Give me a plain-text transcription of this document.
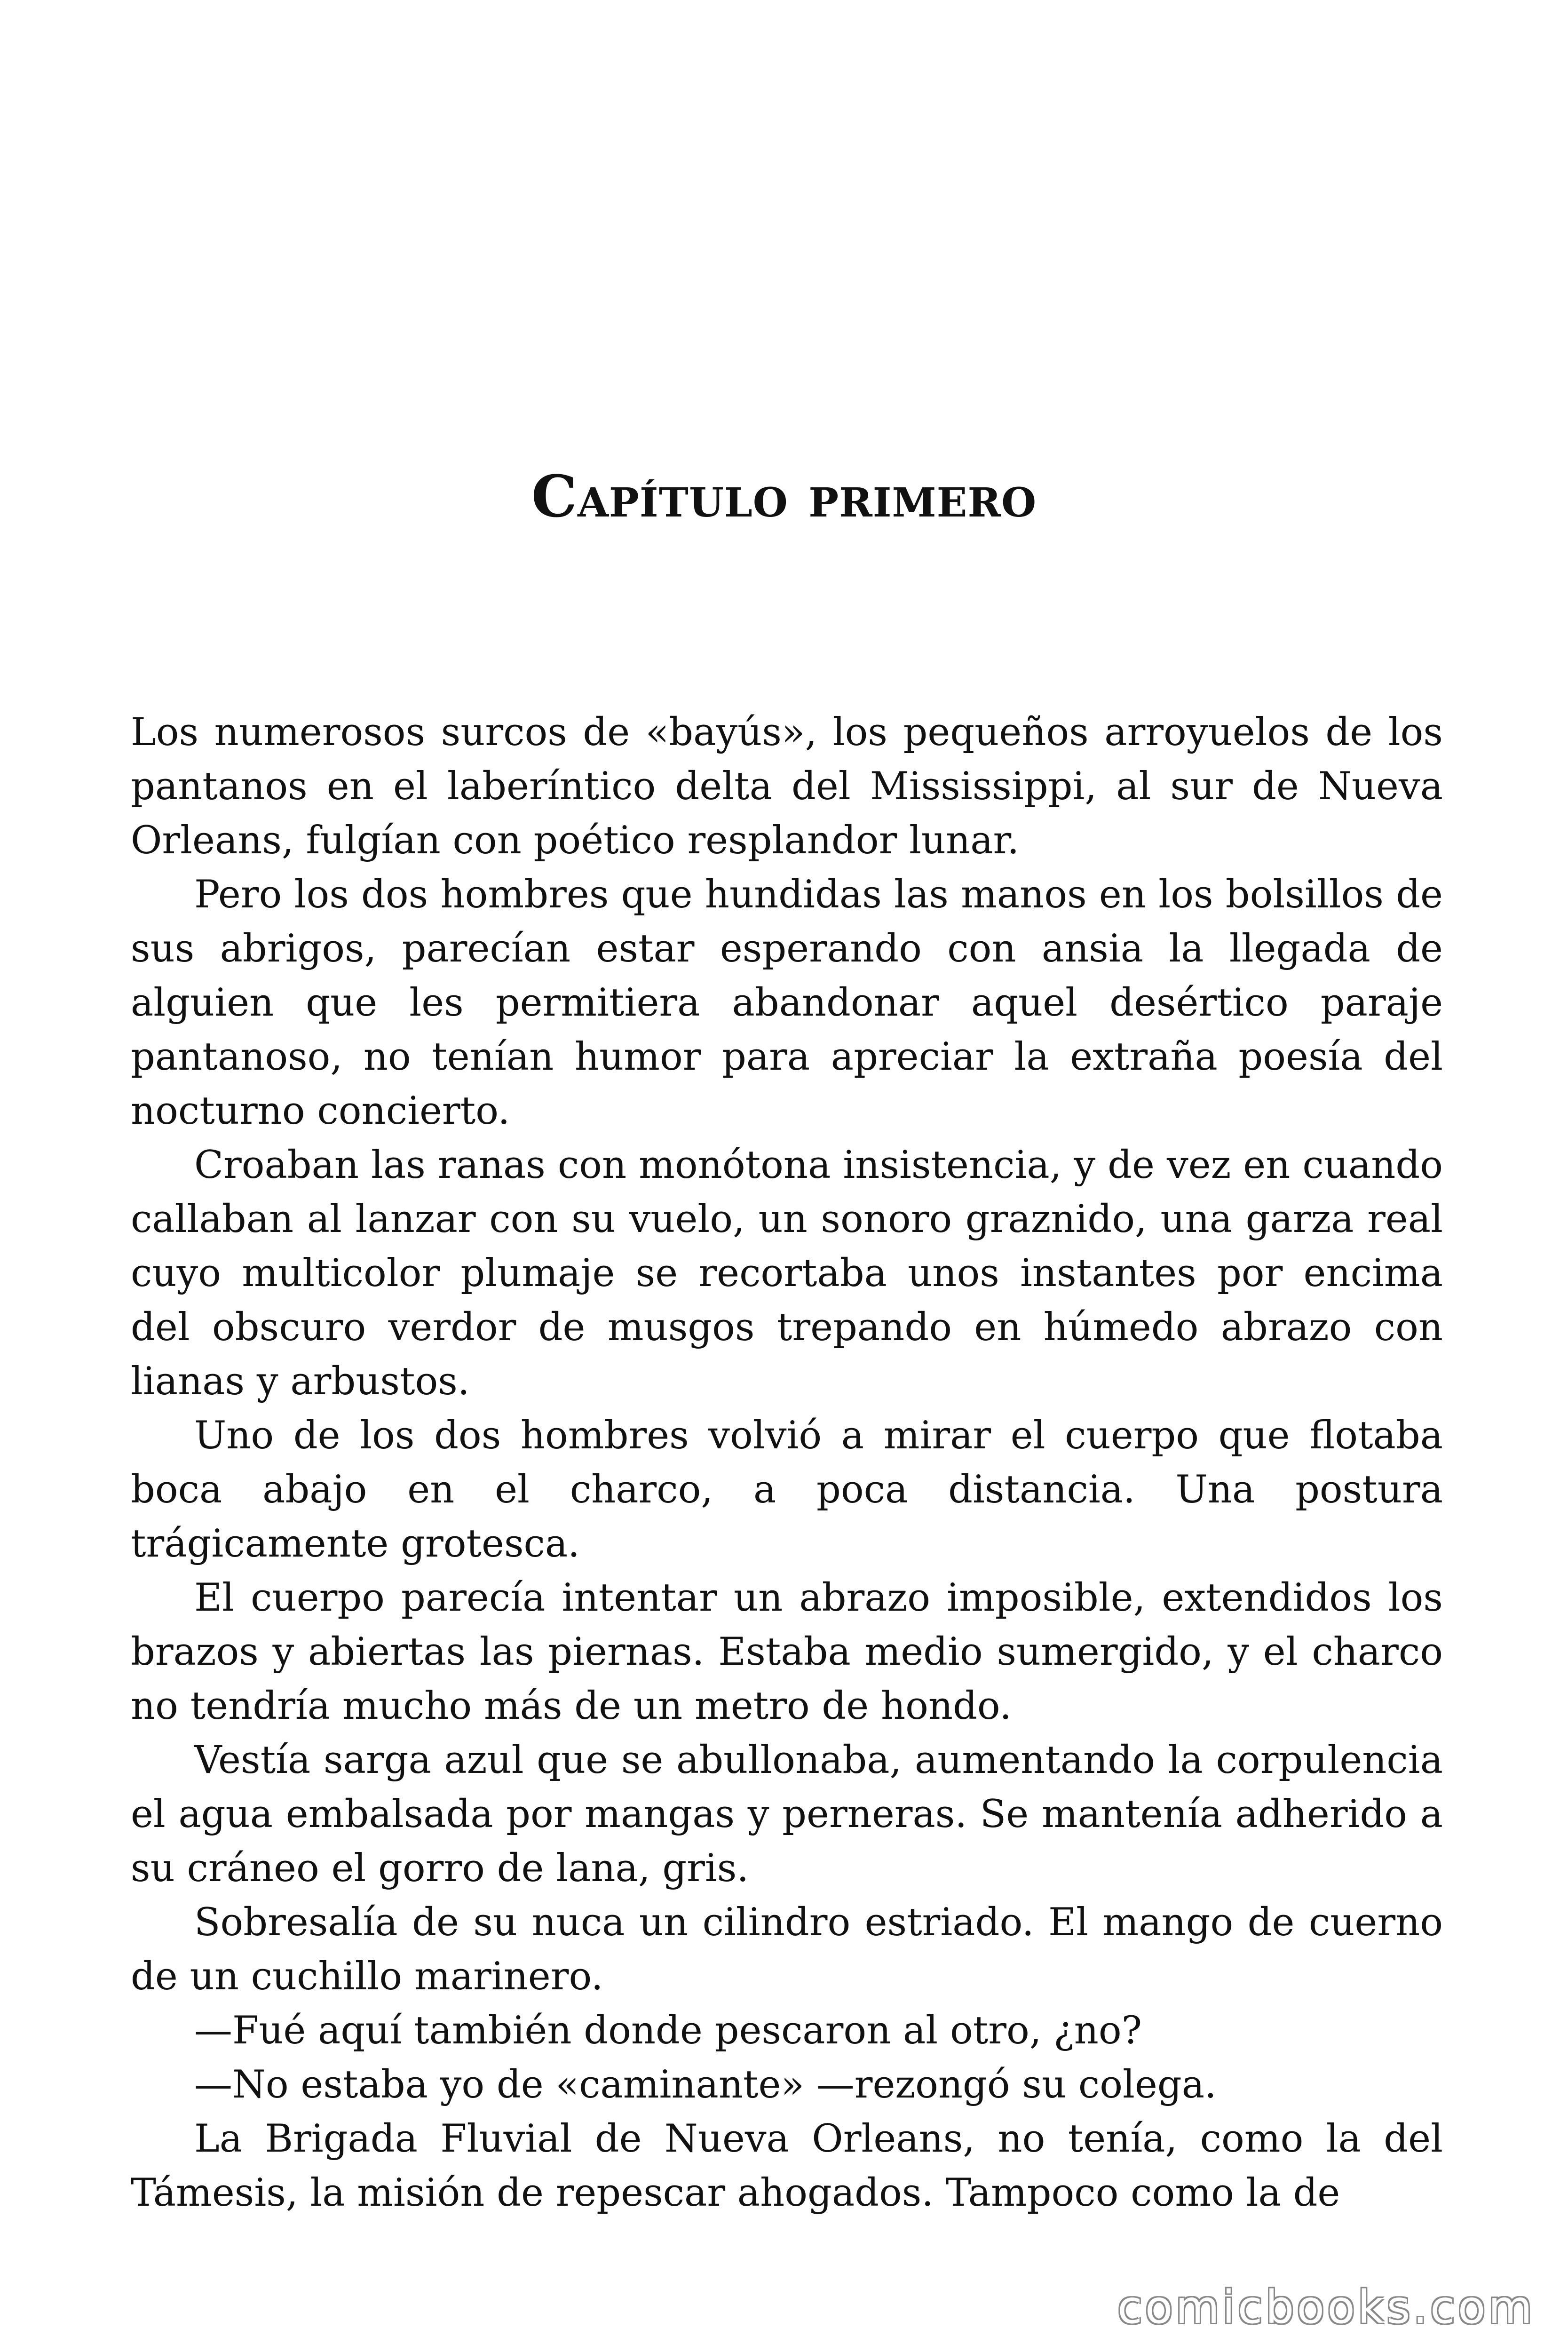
Capítulo primero

Los numerosos surcos de «bayús», los pequeños arroyuelos de los pantanos en el laberíntico delta del Mississippi, al sur de Nueva Orleans, fulgían con poético resplandor lunar.

Pero los dos hombres que hundidas las manos en los bolsillos de sus abrigos, parecían estar esperando con ansia la llegada de alguien que les permitiera abandonar aquel desértico paraje pantanoso, no tenían humor para apreciar la extraña poesía del nocturno concierto.

Croaban las ranas con monótona insistencia, y de vez en cuando callaban al lanzar con su vuelo, un sonoro graznido, una garza real cuyo multicolor plumaje se recortaba unos instantes por encima del obscuro verdor de musgos trepando en húmedo abrazo con lianas y arbustos.

Uno de los dos hombres volvió a mirar el cuerpo que flotaba boca abajo en el charco, a poca distancia. Una postura trágicamente grotesca.

El cuerpo parecía intentar un abrazo imposible, extendidos los brazos y abiertas las piernas. Estaba medio sumergido, y el charco no tendría mucho más de un metro de hondo.

Vestía sarga azul que se abullonaba, aumentando la corpulencia el agua embalsada por mangas y perneras. Se mantenía adherido a su cráneo el gorro de lana, gris.

Sobresalía de su nuca un cilindro estriado. El mango de cuerno de un cuchillo marinero.

—Fué aquí también donde pescaron al otro, ¿no?

—No estaba yo de «caminante» —rezongó su colega.

La Brigada Fluvial de Nueva Orleans, no tenía, como la del Támesis, la misión de repescar ahogados. Tampoco como la de

comicbooks.com
